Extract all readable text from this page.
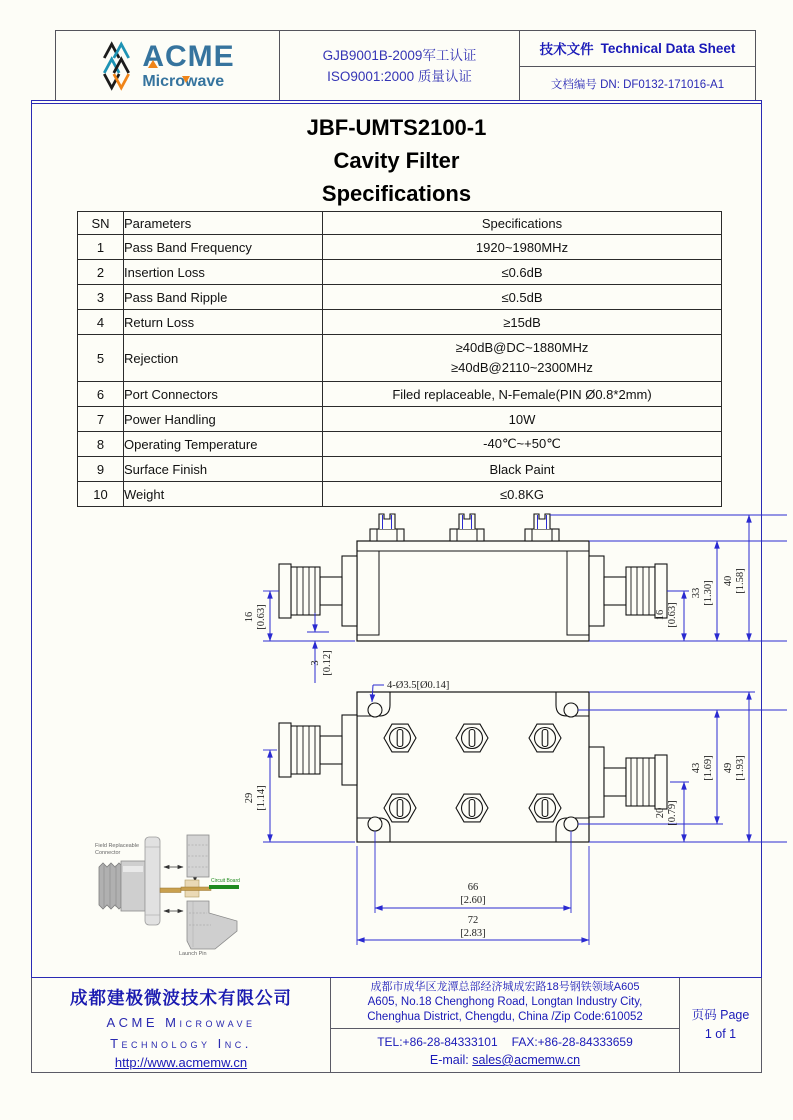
ACME
Microwave
GJB9001B-2009军工认证
ISO9001:2000 质量认证
技术文件 Technical Data Sheet
文档编号 DN: DF0132-171016-A1
JBF-UMTS2100-1
Cavity Filter
Specifications
SN	Parameters	Specifications
1	Pass Band Frequency	1920~1980MHz
2	Insertion Loss	≤0.6dB
3	Pass Band Ripple	≤0.5dB
4	Return Loss	≥15dB
5	Rejection	≥40dB@DC~1880MHz
≥40dB@2110~2300MHz

6	Port Connectors	Filed replaceable, N-Female(PIN Ø0.8*2mm)
7	Power Handling	10W
8	Operating Temperature	-40℃~+50℃
9	Surface Finish	Black Paint
10	Weight	≤0.8KG
16 [0.63]
3 [0.12]
16 [0.63]
33 [1.30] 40 [1.58]
4-Ø3.5[Ø0.14]
29 [1.14]
20 [0.79]
43 [1.69] 49 [1.93]
66
[2.60]
72
[2.83]
Field Replaceable
Connector
Circuit Board
Launch Pin
成都建极微波技术有限公司
ACME Microwave
Technology Inc.
http://www.acmemw.cn
成都市成华区龙潭总部经济城成宏路18号钢铁领域A605
A605, No.18 Chenghong Road, Longtan Industry City,
Chenghua District, Chengdu, China /Zip Code:610052
TEL:+86-28-84333101 FAX:+86-28-84333659
E-mail: sales@acmemw.cn
页码 Page
1 of 1
